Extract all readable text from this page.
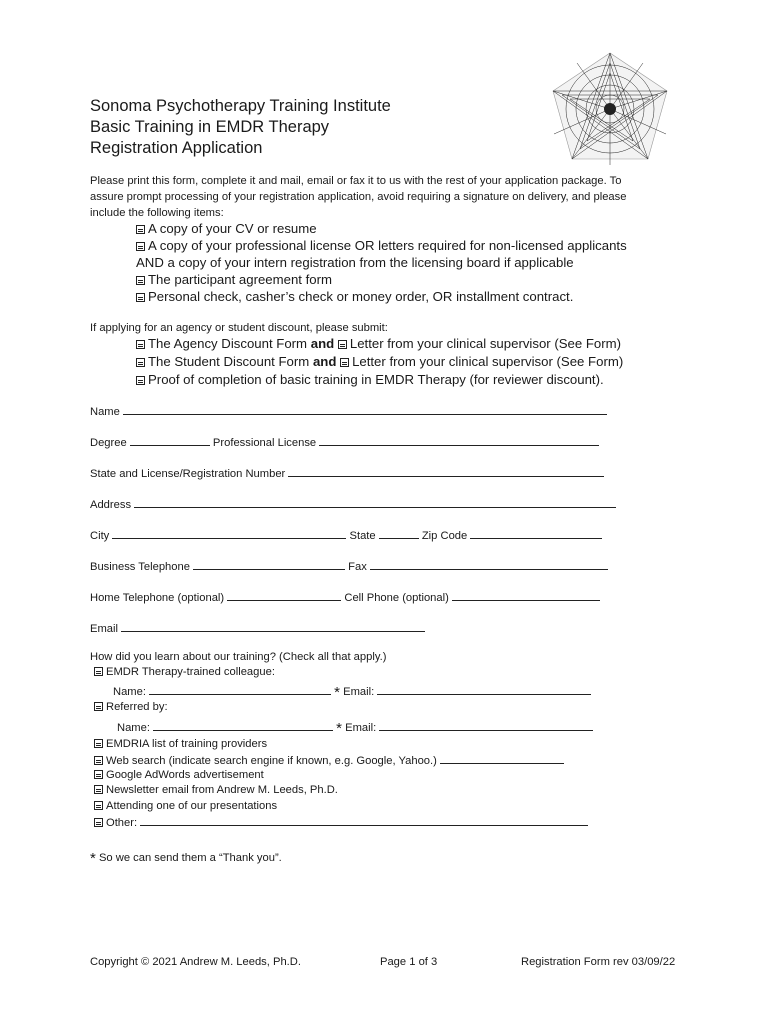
Sonoma Psychotherapy Training Institute
Basic Training in EMDR Therapy
Registration Application
Please print this form, complete it and mail, email or fax it to us with the rest of your application package. To
assure prompt processing of your registration application, avoid requiring a signature on delivery, and please
include the following items:
A copy of your CV or resume
A copy of your professional license OR letters required for non-licensed applicants
AND a copy of your intern registration from the licensing board if applicable
The participant agreement form
Personal check, casher’s check or money order, OR installment contract.
If applying for an agency or student discount, please submit:
The Agency Discount Form and Letter from your clinical supervisor (See Form)
The Student Discount Form and Letter from your clinical supervisor (See Form)
Proof of completion of basic training in EMDR Therapy (for reviewer discount).
Name
Degree	Professional License
State and License/Registration Number
Address
City	State	Zip Code
Business Telephone	Fax
Home Telephone (optional)	Cell Phone (optional)
Email
How did you learn about our training? (Check all that apply.)
EMDR Therapy-trained colleague:
Name:	* Email:
Referred by:
Name:	* Email:
EMDRIA list of training providers
Web search (indicate search engine if known, e.g. Google, Yahoo.)
Google AdWords advertisement
Newsletter email from Andrew M. Leeds, Ph.D.
Attending one of our presentations
Other:
* So we can send them a “Thank you”.
Copyright © 2021 Andrew M. Leeds, Ph.D.	Page 1 of 3	Registration Form rev 03/09/22
